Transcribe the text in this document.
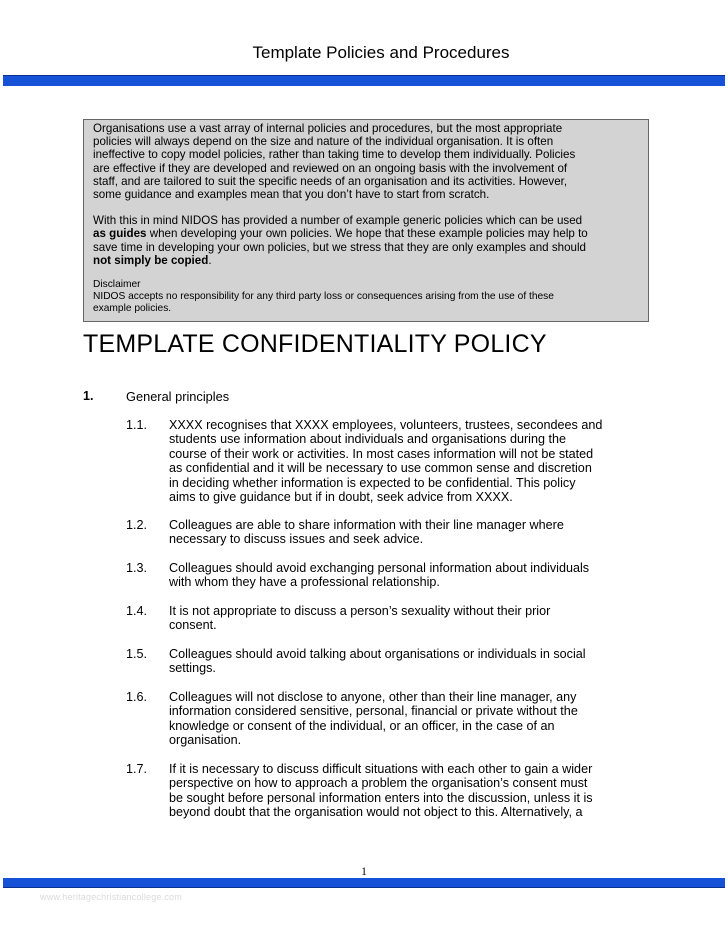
Template Policies and Procedures

Organisations use a vast array of internal policies and procedures, but the most appropriate

policies will always depend on the size and nature of the individual organisation. It is often

ineffective to copy model policies, rather than taking time to develop them individually. Policies

are effective if they are developed and reviewed on an ongoing basis with the involvement of

staff, and are tailored to suit the specific needs of an organisation and its activities. However,

some guidance and examples mean that you don’t have to start from scratch.

With this in mind NIDOS has provided a number of example generic policies which can be used

as guides when developing your own policies. We hope that these example policies may help to

save time in developing your own policies, but we stress that they are only examples and should

not simply be copied.

Disclaimer

NIDOS accepts no responsibility for any third party loss or consequences arising from the use of these

example policies.

TEMPLATE CONFIDENTIALITY POLICY
1.	General principles
1.1. XXXX recognises that XXXX employees, volunteers, trustees, secondees and
students use information about individuals and organisations during the
course of their work or activities. In most cases information will not be stated
as confidential and it will be necessary to use common sense and discretion
in deciding whether information is expected to be confidential. This policy
aims to give guidance but if in doubt, seek advice from XXXX.
1.2. Colleagues are able to share information with their line manager where
necessary to discuss issues and seek advice.
1.3. Colleagues should avoid exchanging personal information about individuals
with whom they have a professional relationship.
1.4. It is not appropriate to discuss a person’s sexuality without their prior
consent.
1.5. Colleagues should avoid talking about organisations or individuals in social
settings.
1.6. Colleagues will not disclose to anyone, other than their line manager, any
information considered sensitive, personal, financial or private without the
knowledge or consent of the individual, or an officer, in the case of an
organisation.
1.7. If it is necessary to discuss difficult situations with each other to gain a wider
perspective on how to approach a problem the organisation’s consent must
be sought before personal information enters into the discussion, unless it is
beyond doubt that the organisation would not object to this. Alternatively, a
1
www.heritagechristiancollege.com
